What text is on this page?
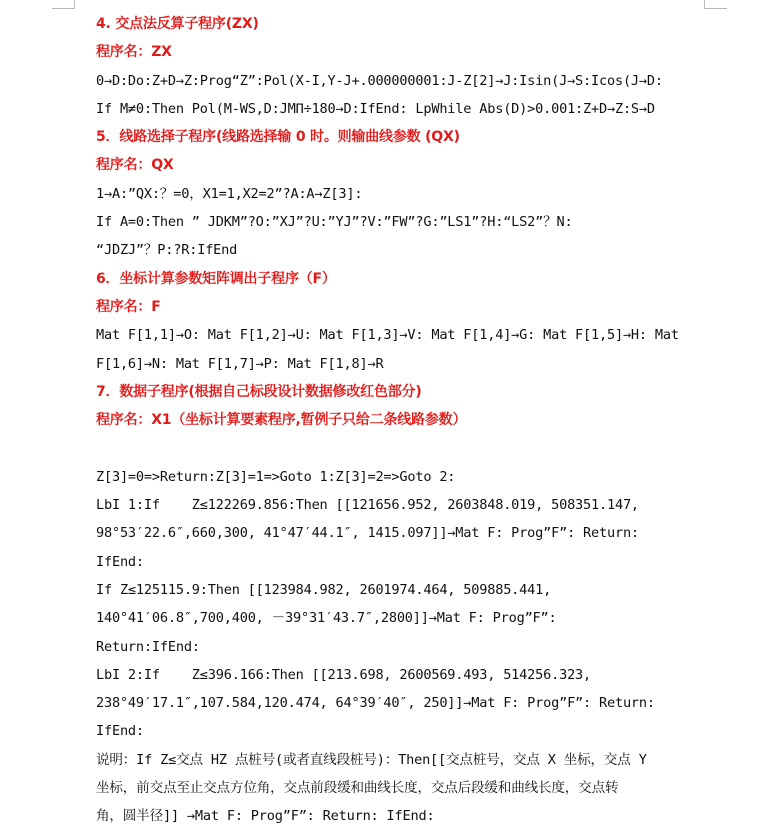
4. 交点法反算子程序(ZX)
程序名：ZX
0→D:Do:Z+D→Z:Prog“Z”:Pol(X-I,Y-J+.000000001:J-Z[2]→J:Isin(J→S:Icos(J→D:
If M≠0:Then Pol(M-WS,D:JMΠ÷180→D:IfEnd: LpWhile Abs(D)>0.001:Z+D→Z:S→D
5．线路选择子程序(线路选择输 0 时。则输曲线参数 (QX)
程序名：QX
1→A:”QX:？=0，X1=1,X2=2”?A:A→Z[3]:
If A=0:Then ” JDKM”?O:”XJ”?U:”YJ”?V:”FW”?G:”LS1”?H:“LS2”？N:
“JDZJ”？P:?R:IfEnd
6．坐标计算参数矩阵调出子程序（F）
程序名：F
Mat F[1,1]→O: Mat F[1,2]→U: Mat F[1,3]→V: Mat F[1,4]→G: Mat F[1,5]→H: Mat
F[1,6]→N: Mat F[1,7]→P: Mat F[1,8]→R
7．数据子程序(根据自己标段设计数据修改红色部分)
程序名：X1（坐标计算要素程序,暂例子只给二条线路参数）
Z[3]=0=>Return:Z[3]=1=>Goto 1:Z[3]=2=>Goto 2:
LbI 1:If    Z≤122269.856:Then [[121656.952, 2603848.019, 508351.147,
98°53′22.6″,660,300, 41°47′44.1″, 1415.097]]→Mat F: Prog”F”: Return:
IfEnd:
If Z≤125115.9:Then [[123984.982, 2601974.464, 509885.441,
140°41′06.8″,700,400, －39°31′43.7″,2800]]→Mat F: Prog”F”:
Return:IfEnd:
LbI 2:If    Z≤396.166:Then [[213.698, 2600569.493, 514256.323,
238°49′17.1″,107.584,120.474, 64°39′40″, 250]]→Mat F: Prog”F”: Return:
IfEnd:
说明：If Z≤交点 HZ 点桩号(或者直线段桩号)：Then[[交点桩号，交点 X 坐标，交点 Y
坐标，前交点至止交点方位角，交点前段缓和曲线长度，交点后段缓和曲线长度，交点转
角，圆半径]] →Mat F: Prog”F”: Return: IfEnd:
